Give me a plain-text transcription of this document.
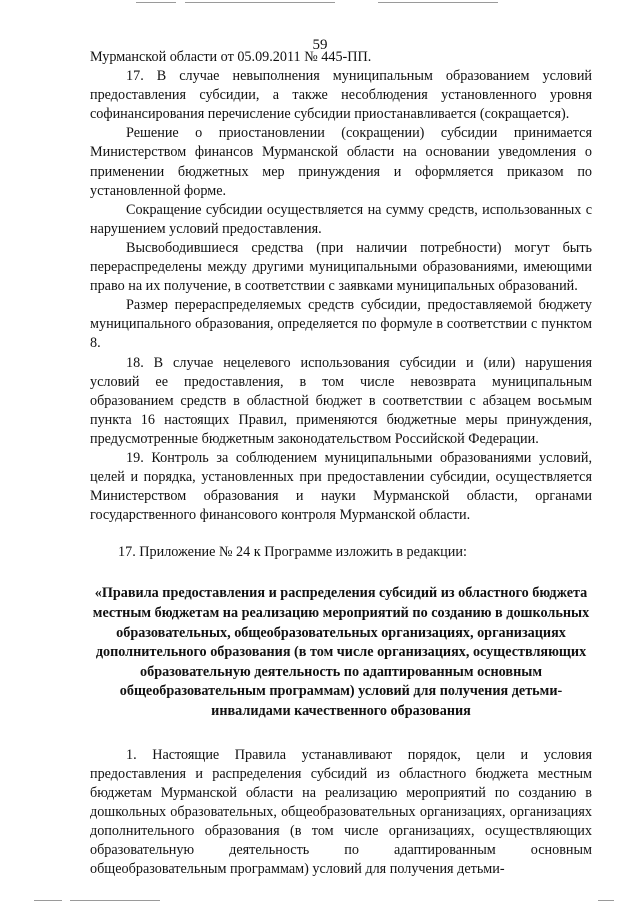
59

Мурманской области от 05.09.2011 № 445-ПП.

17. В случае невыполнения муниципальным образованием условий предоставления субсидии, а также несоблюдения установленного уровня софинансирования перечисление субсидии приостанавливается (сокращается).

Решение о приостановлении (сокращении) субсидии принимается Министерством финансов Мурманской области на основании уведомления о применении бюджетных мер принуждения и оформляется приказом по установленной форме.

Сокращение субсидии осуществляется на сумму средств, использованных с нарушением условий предоставления.

Высвободившиеся средства (при наличии потребности) могут быть перераспределены между другими муниципальными образованиями, имеющими право на их получение, в соответствии с заявками муниципальных образований.

Размер перераспределяемых средств субсидии, предоставляемой бюджету муниципального образования, определяется по формуле в соответствии с пунктом 8.

18. В случае нецелевого использования субсидии и (или) нарушения условий ее предоставления, в том числе невозврата муниципальным образованием средств в областной бюджет в соответствии с абзацем восьмым пункта 16 настоящих Правил, применяются бюджетные меры принуждения, предусмотренные бюджетным законодательством Российской Федерации.

19. Контроль за соблюдением муниципальными образованиями условий, целей и порядка, установленных при предоставлении субсидии, осуществляется Министерством образования и науки Мурманской области, органами государственного финансового контроля Мурманской области.

17. Приложение № 24 к Программе изложить в редакции:

«Правила предоставления и распределения субсидий из областного бюджета местным бюджетам на реализацию мероприятий по созданию в дошкольных образовательных, общеобразовательных организациях, организациях дополнительного образования (в том числе организациях, осуществляющих образовательную деятельность по адаптированным основным общеобразовательным программам) условий для получения детьми-инвалидами качественного образования

1. Настоящие Правила устанавливают порядок, цели и условия предоставления и распределения субсидий из областного бюджета местным бюджетам Мурманской области на реализацию мероприятий по созданию в дошкольных образовательных, общеобразовательных организациях, организациях дополнительного образования (в том числе организациях, осуществляющих образовательную деятельность по адаптированным основным общеобразовательным программам) условий для получения детьми-
